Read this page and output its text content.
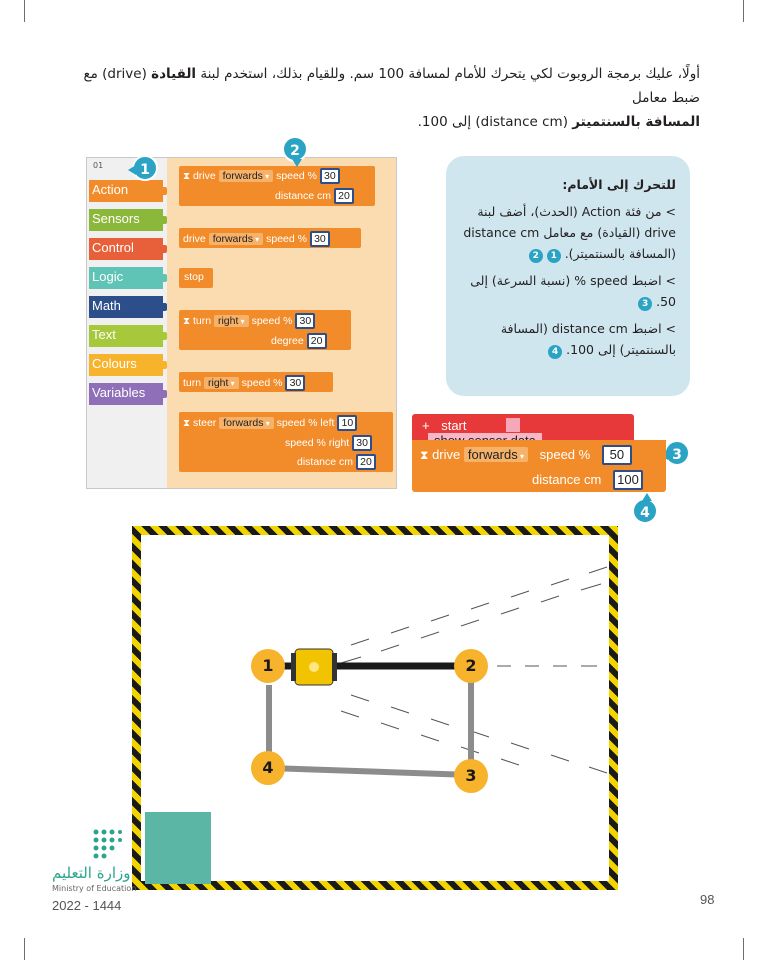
أولًا، عليك برمجة الروبوت لكي يتحرك للأمام لمسافة 100 سم. وللقيام بذلك، استخدم لبنة القيادة (drive) مع ضبط معامل
المسافة بالسنتميتر (distance cm) إلى 100.
01
Action
Sensors
Control
Logic
Math
Text
Colours
Variables
⧗ drive forwards ▾ speed % 30
distance cm 20
drive forwards ▾ speed % 30
stop
⧗ turn right ▾ speed % 30
degree 20
turn right ▾ speed % 30
⧗ steer forwards ▾ speed % left 10
speed % right 30
distance cm 20
1
2
3
4
للتحرك إلى الأمام:

> من فئة Action (الحدث)، أضف لبنة drive (القيادة) مع معامل distance cm (المسافة بالسنتميتر). 1 2

> اضبط speed % (نسبة السرعة) إلى 50. 3

> اضبط distance cm (المسافة بالسنتميتر) إلى 100. 4

+ start
⧗ drive forwards ▾ speed % 50
distance cm 100
1	2
3
4
وزارة التعليم
Ministry of Education
2022 - 1444	98
